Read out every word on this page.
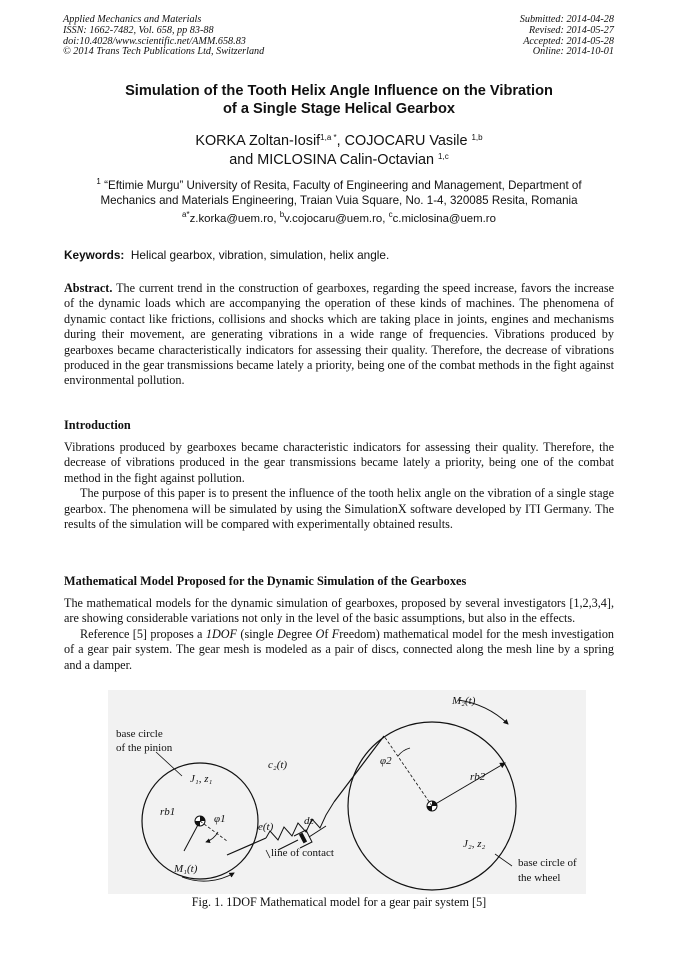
Applied Mechanics and Materials
ISSN: 1662-7482, Vol. 658, pp 83-88
doi:10.4028/www.scientific.net/AMM.658.83
© 2014 Trans Tech Publications Ltd, Switzerland
Submitted: 2014-04-28
Revised: 2014-05-27
Accepted: 2014-05-28
Online: 2014-10-01
Simulation of the Tooth Helix Angle Influence on the Vibration
of a Single Stage Helical Gearbox
KORKA Zoltan-Iosif$^{1,a *}$, COJOCARU Vasile $^{1,b}$
and MICLOSINA Calin-Octavian $^{1,c}$
$^1$ “Eftimie Murgu” University of Resita, Faculty of Engineering and Management, Department of
Mechanics and Materials Engineering, Traian Vuia Square, No. 1-4, 320085 Resita, Romania
$^{a*}$z.korka@uem.ro, $^b$v.cojocaru@uem.ro, $^c$c.miclosina@uem.ro
Keywords: Helical gearbox, vibration, simulation, helix angle.

Abstract. The current trend in the construction of gearboxes, regarding the speed increase, favors the increase of the dynamic loads which are accompanying the operation of these kinds of machines. The phenomena of dynamic contact like frictions, collisions and shocks which are taking place in joints, engines and mechanisms during their movement, are generating vibrations in a wide range of frequencies. Vibrations produced by gearboxes became characteristically indicators for assessing their quality. Therefore, the decrease of vibrations produced in the gear transmissions became lately a priority, being one of the combat methods in the fight against environmental pollution.

Introduction

Vibrations produced by gearboxes became characteristic indicators for assessing their quality. Therefore, the decrease of vibrations produced in the gear transmissions became lately a priority, being one of the combat method in the fight against pollution.

The purpose of this paper is to present the influence of the tooth helix angle on the vibration of a single stage gearbox. The phenomena will be simulated by using the SimulationX software developed by ITI Germany. The results of the simulation will be compared with experimentally obtained results.

Mathematical Model Proposed for the Dynamic Simulation of the Gearboxes

The mathematical models for the dynamic simulation of gearboxes, proposed by several investigators [1,2,3,4], are showing considerable variations not only in the level of the basic assumptions, but also in the effects.

Reference [5] proposes a 1DOF (single Degree Of Freedom) mathematical model for the mesh investigation of a gear pair system. The gear mesh is modeled as a pair of discs, connected along the mesh line by a spring and a damper.

base circle
of the pinion
J₁, z₁
rb1
φ1
c₂(t)
dz
e(t)
line of contact
M₁(t)
M₂(t)
φ2
rb2
J₂, z₂
base circle of
the wheel
Fig. 1. 1DOF Mathematical model for a gear pair system [5]
